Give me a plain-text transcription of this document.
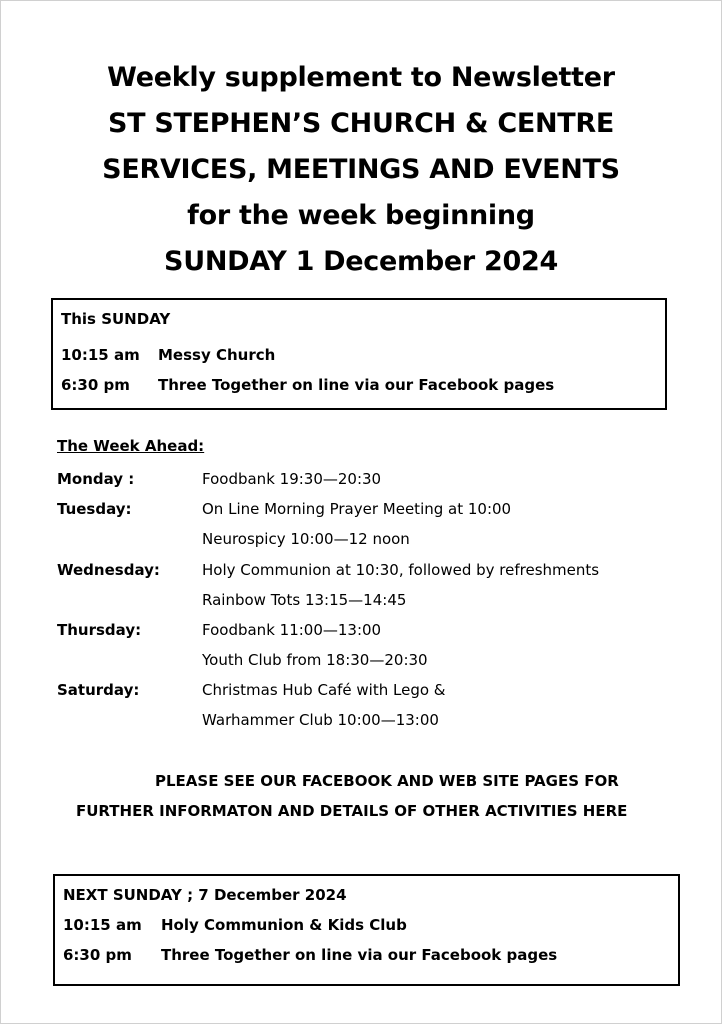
Weekly supplement to Newsletter
ST STEPHEN’S CHURCH & CENTRE
SERVICES, MEETINGS AND EVENTS
for the week beginning
SUNDAY 1 December 2024
This SUNDAY
10:15 am Messy Church
6:30 pm Three Together on line via our Facebook pages
The Week Ahead:
Monday :	Foodbank 19:30—20:30
Tuesday:	On Line Morning Prayer Meeting at 10:00
Neurospicy 10:00—12 noon
Wednesday:	Holy Communion at 10:30, followed by refreshments
Rainbow Tots 13:15—14:45
Thursday:	Foodbank 11:00—13:00
Youth Club from 18:30—20:30
Saturday:	Christmas Hub Café with Lego &
Warhammer Club 10:00—13:00
PLEASE SEE OUR FACEBOOK AND WEB SITE PAGES FOR
FURTHER INFORMATON AND DETAILS OF OTHER ACTIVITIES HERE
NEXT SUNDAY ; 7 December 2024
10:15 am Holy Communion & Kids Club
6:30 pm Three Together on line via our Facebook pages
